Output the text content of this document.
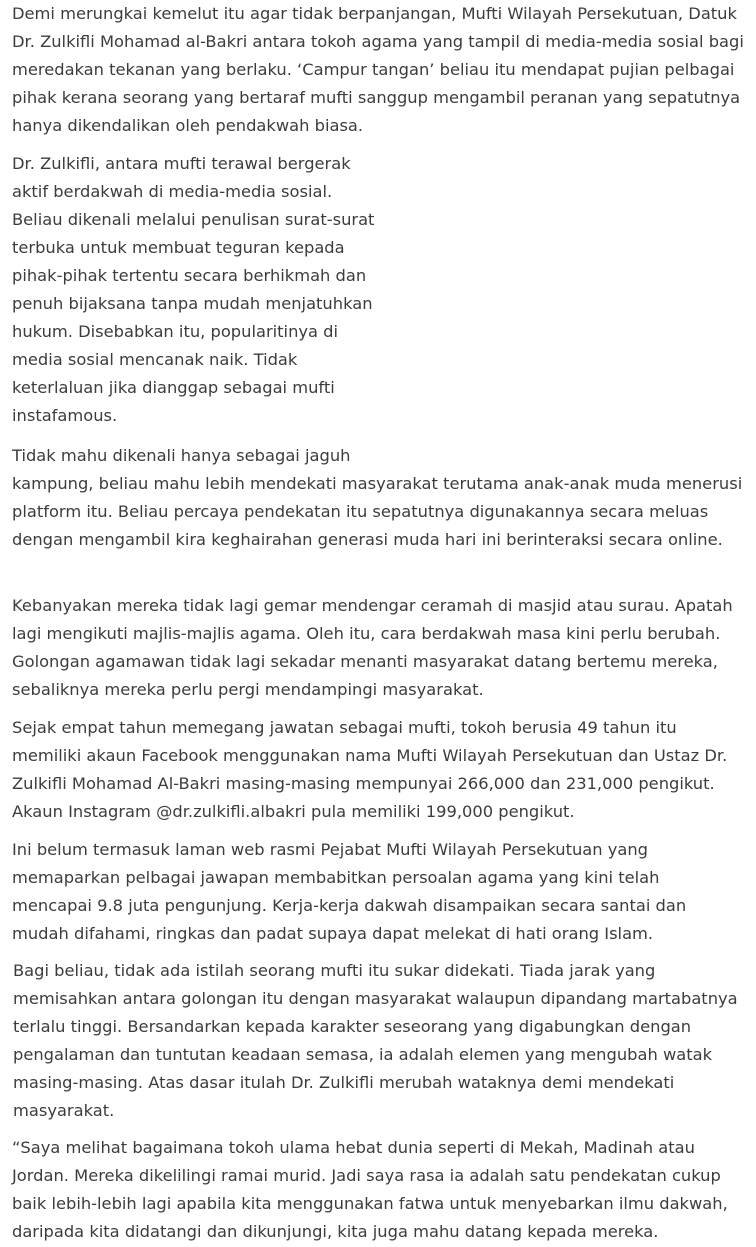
Demi merungkai kemelut itu agar tidak berpanjangan, Mufti Wilayah Persekutuan, Datuk Dr. Zulkifli Mohamad al-Bakri antara tokoh agama yang tampil di media-media sosial bagi meredakan tekanan yang berlaku. ‘Campur tangan’ beliau itu mendapat pujian pelbagai pihak kerana seorang yang bertaraf mufti sanggup mengambil peranan yang sepatutnya hanya dikendalikan oleh pendakwah biasa.

Dr. Zulkifli, antara mufti terawal bergerak aktif berdakwah di media-media sosial. Beliau dikenali melalui penulisan surat-surat terbuka untuk membuat teguran kepada pihak-pihak tertentu secara berhikmah dan penuh bijaksana tanpa mudah menjatuhkan hukum. Disebabkan itu, popularitinya di media sosial mencanak naik. Tidak keterlaluan jika dianggap sebagai mufti instafamous.

Tidak mahu dikenali hanya sebagai jaguh
kampung, beliau mahu lebih mendekati masyarakat terutama anak-anak muda menerusi platform itu. Beliau percaya pendekatan itu sepatutnya digunakannya secara meluas dengan mengambil kira keghairahan generasi muda hari ini berinteraksi secara online.

Kebanyakan mereka tidak lagi gemar mendengar ceramah di masjid atau surau. Apatah lagi mengikuti majlis-majlis agama. Oleh itu, cara berdakwah masa kini perlu berubah. Golongan agamawan tidak lagi sekadar menanti masyarakat datang bertemu mereka, sebaliknya mereka perlu pergi mendampingi masyarakat.

Sejak empat tahun memegang jawatan sebagai mufti, tokoh berusia 49 tahun itu memiliki akaun Facebook menggunakan nama Mufti Wilayah Persekutuan dan Ustaz Dr. Zulkifli Mohamad Al-Bakri masing-masing mempunyai 266,000 dan 231,000 pengikut. Akaun Instagram @dr.zulkifli.albakri pula memiliki 199,000 pengikut.

Ini belum termasuk laman web rasmi Pejabat Mufti Wilayah Persekutuan yang memaparkan pelbagai jawapan membabitkan persoalan agama yang kini telah mencapai 9.8 juta pengunjung. Kerja-kerja dakwah disampaikan secara santai dan mudah difahami, ringkas dan padat supaya dapat melekat di hati orang Islam.

Bagi beliau, tidak ada istilah seorang mufti itu sukar didekati. Tiada jarak yang memisahkan antara golongan itu dengan masyarakat walaupun dipandang martabatnya terlalu tinggi. Bersandarkan kepada karakter seseorang yang digabungkan dengan pengalaman dan tuntutan keadaan semasa, ia adalah elemen yang mengubah watak masing-masing. Atas dasar itulah Dr. Zulkifli merubah wataknya demi mendekati masyarakat.

“Saya melihat bagaimana tokoh ulama hebat dunia seperti di Mekah, Madinah atau Jordan. Mereka dikelilingi ramai murid. Jadi saya rasa ia adalah satu pendekatan cukup baik lebih-lebih lagi apabila kita menggunakan fatwa untuk menyebarkan ilmu dakwah, daripada kita didatangi dan dikunjungi, kita juga mahu datang kepada mereka.
